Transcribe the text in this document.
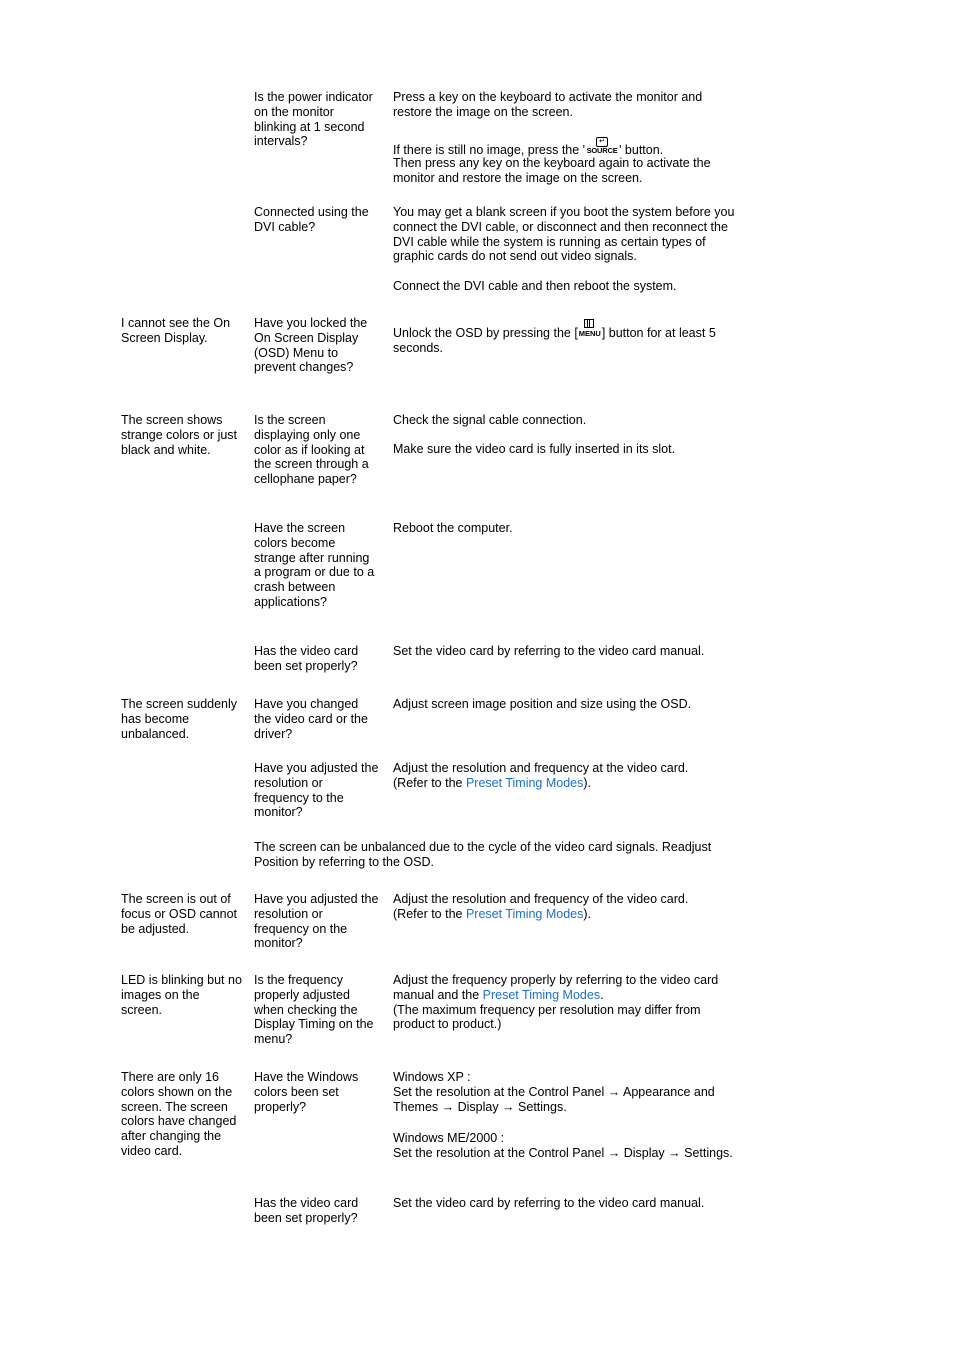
Is the power indicator on the monitor blinking at 1 second intervals?

Press a key on the keyboard to activate the monitor and restore the image on the screen.

If there is still no image, press the '
↵
SOURCE ' button.

Then press any key on the keyboard again to activate the monitor and restore the image on the screen.

Connected using the DVI cable?

You may get a blank screen if you boot the system before you connect the DVI cable, or disconnect and then reconnect the DVI cable while the system is running as certain types of graphic cards do not send out video signals.

Connect the DVI cable and then reboot the system.

I cannot see the On Screen Display.

Have you locked the On Screen Display (OSD) Menu to prevent changes?

Unlock the OSD by pressing the [ MENU ] button for at least 5 seconds.

The screen shows strange colors or just black and white.

Is the screen displaying only one color as if looking at the screen through a cellophane paper?

Check the signal cable connection.

Make sure the video card is fully inserted in its slot.

Have the screen colors become strange after running a program or due to a crash between applications?

Reboot the computer.

Has the video card been set properly?

Set the video card by referring to the video card manual.

The screen suddenly has become unbalanced.

Have you changed the video card or the driver?

Adjust screen image position and size using the OSD.

Have you adjusted the resolution or frequency to the monitor?

Adjust the resolution and frequency at the video card.
(Refer to the Preset Timing Modes).

The screen can be unbalanced due to the cycle of the video card signals. Readjust Position by referring to the OSD.

The screen is out of focus or OSD cannot be adjusted.

Have you adjusted the resolution or frequency on the monitor?

Adjust the resolution and frequency of the video card.
(Refer to the Preset Timing Modes).

LED is blinking but no images on the screen.

Is the frequency properly adjusted when checking the Display Timing on the menu?

Adjust the frequency properly by referring to the video card manual and the Preset Timing Modes.
(The maximum frequency per resolution may differ from product to product.)

There are only 16 colors shown on the screen. The screen colors have changed after changing the video card.

Have the Windows colors been set properly?

Windows XP :
Set the resolution at the Control Panel → Appearance and Themes → Display → Settings.

Windows ME/2000 :
Set the resolution at the Control Panel → Display → Settings.

Has the video card been set properly?

Set the video card by referring to the video card manual.
